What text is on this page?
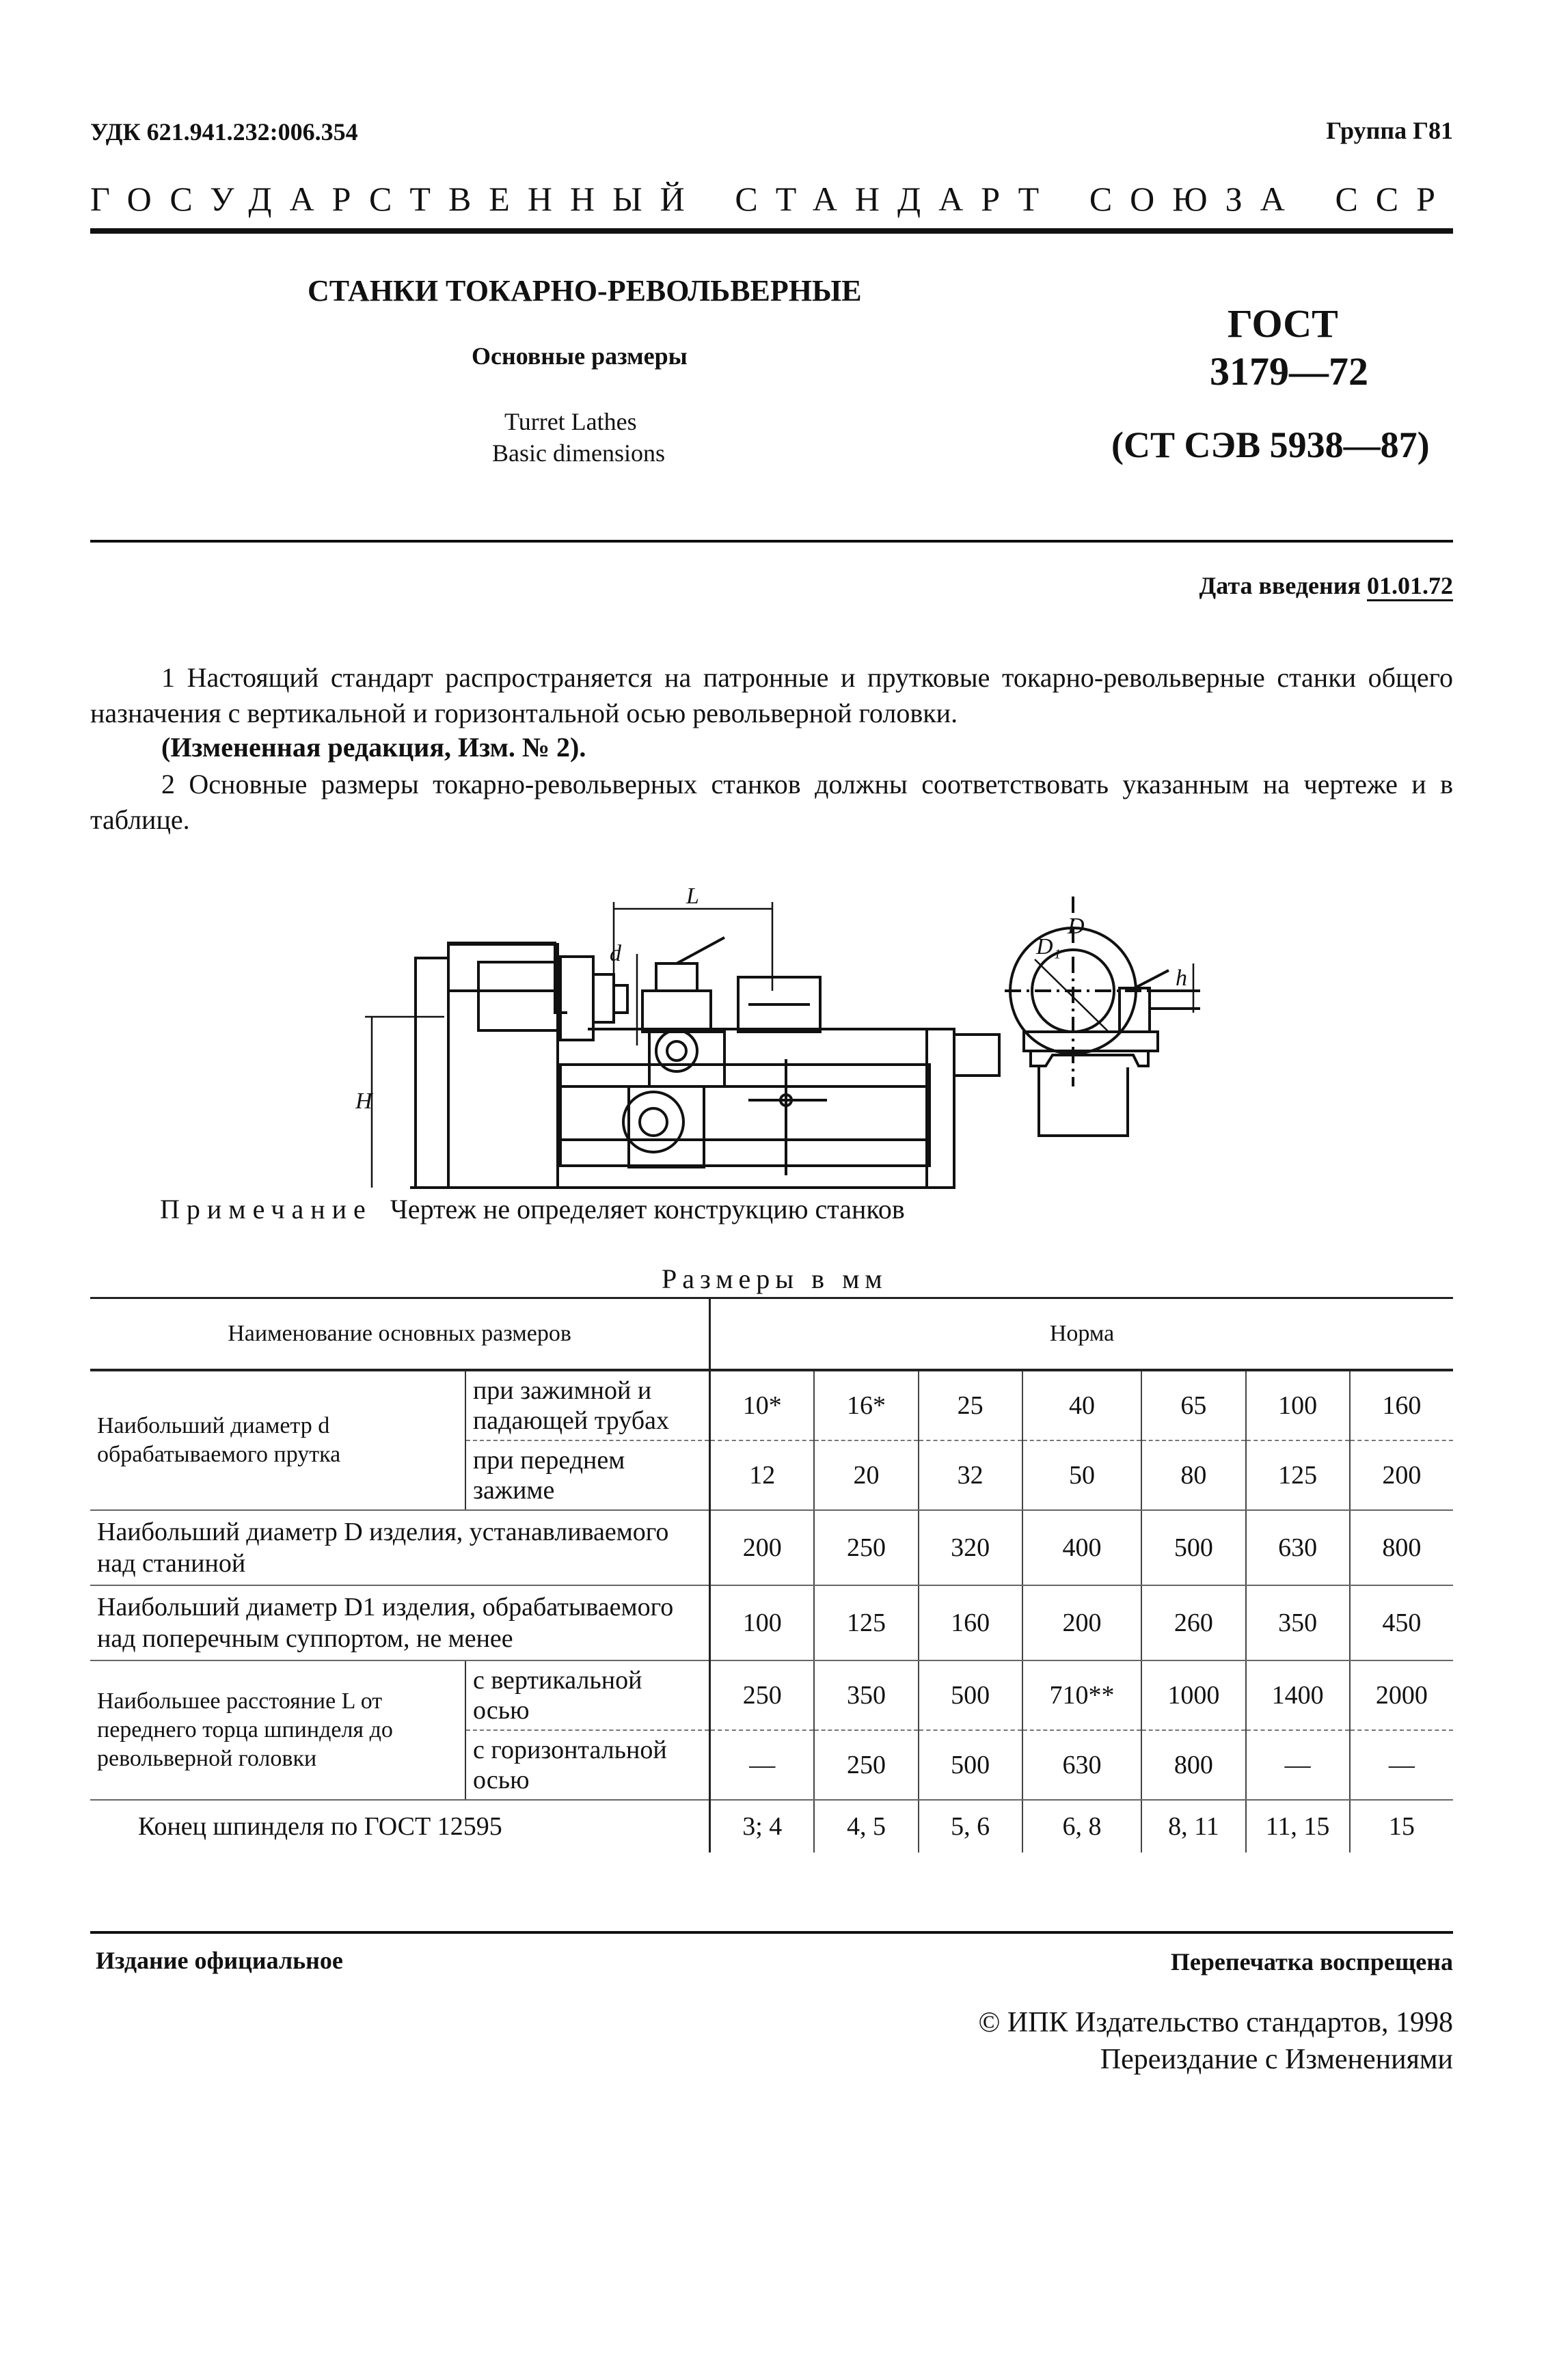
УДК 621.941.232:006.354	Группа Г81
ГОСУДАРСТВЕННЫЙ СТАНДАРТ СОЮЗА ССР
СТАНКИ ТОКАРНО-РЕВОЛЬВЕРНЫЕ
Основные размеры
Turret Lathes
Basic dimensions
ГОСТ
3179—72
(СТ СЭВ 5938—87)
Дата введения 01.01.72
1 Настоящий стандарт распространяется на патронные и прутковые токарно-револьверные станки общего назначения с вертикальной и горизонтальной осью револьверной головки.
(Измененная редакция, Изм. № 2).
2 Основные размеры токарно-револьверных станков должны соответствовать указанным на чертеже и в таблице.
L
d
H
D
D₁
h
Примечание Чертеж не определяет конструкцию станков
Размеры в мм
Наименование основных размеров		Норма						
Наибольший диаметр d обрабатываемого прутка	при зажимной и падающей трубах	10*	16*	25	40	65	100	160
	при переднем зажиме	12	20	32	50	80	125	200
Наибольший диаметр D изделия, устанавливаемого над станиной		200	250	320	400	500	630	800
Наибольший диаметр D1 изделия, обрабатываемого над поперечным суппортом, не менее		100	125	160	200	260	350	450
Наибольшее расстояние L от переднего торца шпинделя до револьверной головки	с вертикальной осью	250	350	500	710**	1000	1400	2000
	с горизонтальной осью	—	250	500	630	800	—	—
Конец шпинделя по ГОСТ 12595		3; 4	4, 5	5, 6	6, 8	8, 11	11, 15	15
Издание официальное	Перепечатка воспрещена
© ИПК Издательство стандартов, 1998
Переиздание с Изменениями
